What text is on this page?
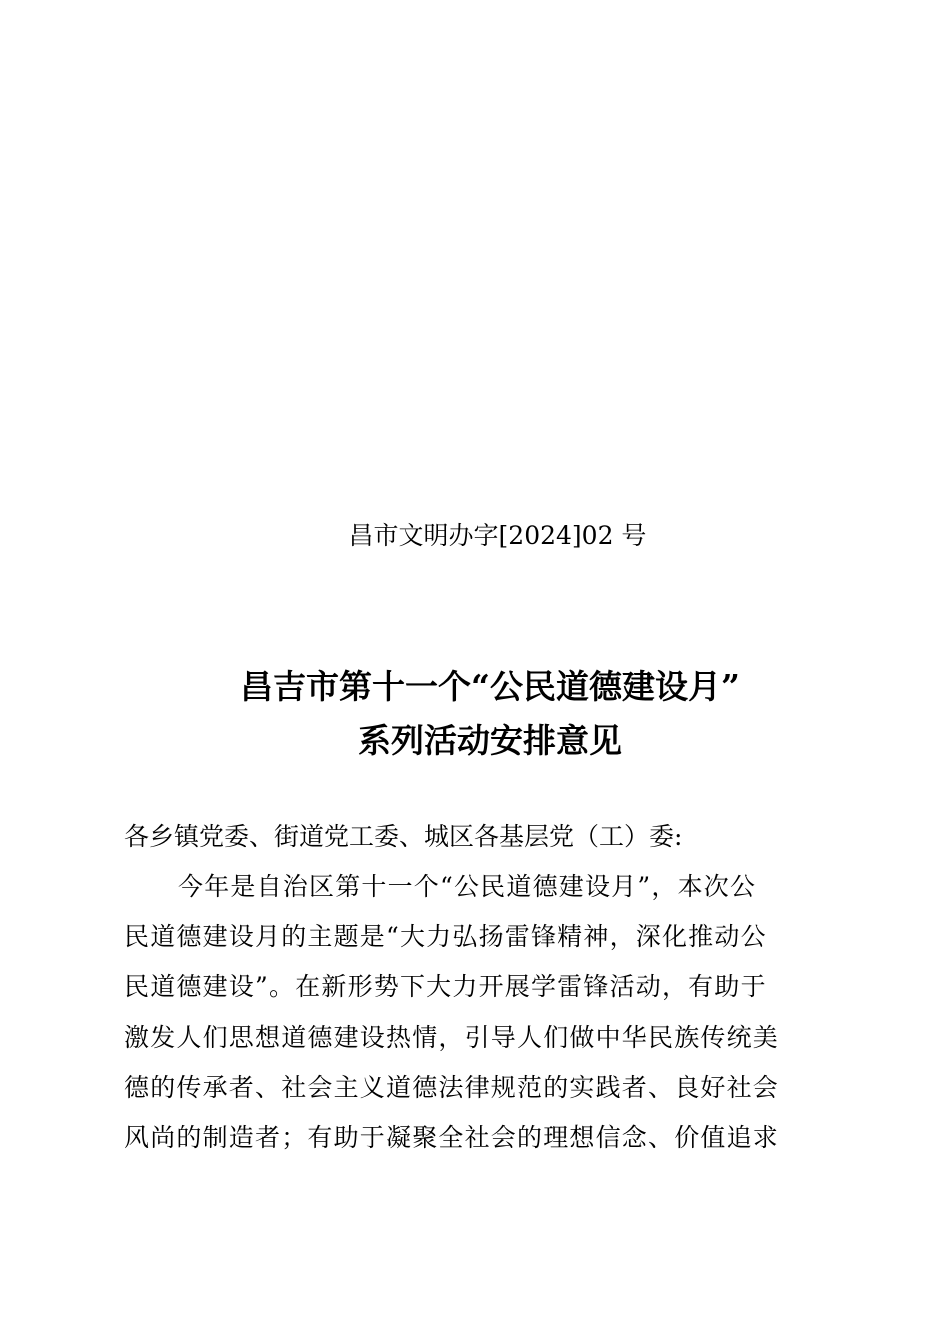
昌市文明办字[2024]02 号
昌吉市第十一个“公民道德建设月”
系列活动安排意见
各乡镇党委、街道党工委、城区各基层党（工）委:
今年是自治区第十一个“公民道德建设月”，本次公
民道德建设月的主题是“大力弘扬雷锋精神，深化推动公
民道德建设”。在新形势下大力开展学雷锋活动，有助于
激发人们思想道德建设热情，引导人们做中华民族传统美
德的传承者、社会主义道德法律规范的实践者、良好社会
风尚的制造者；有助于凝聚全社会的理想信念、价值追求
